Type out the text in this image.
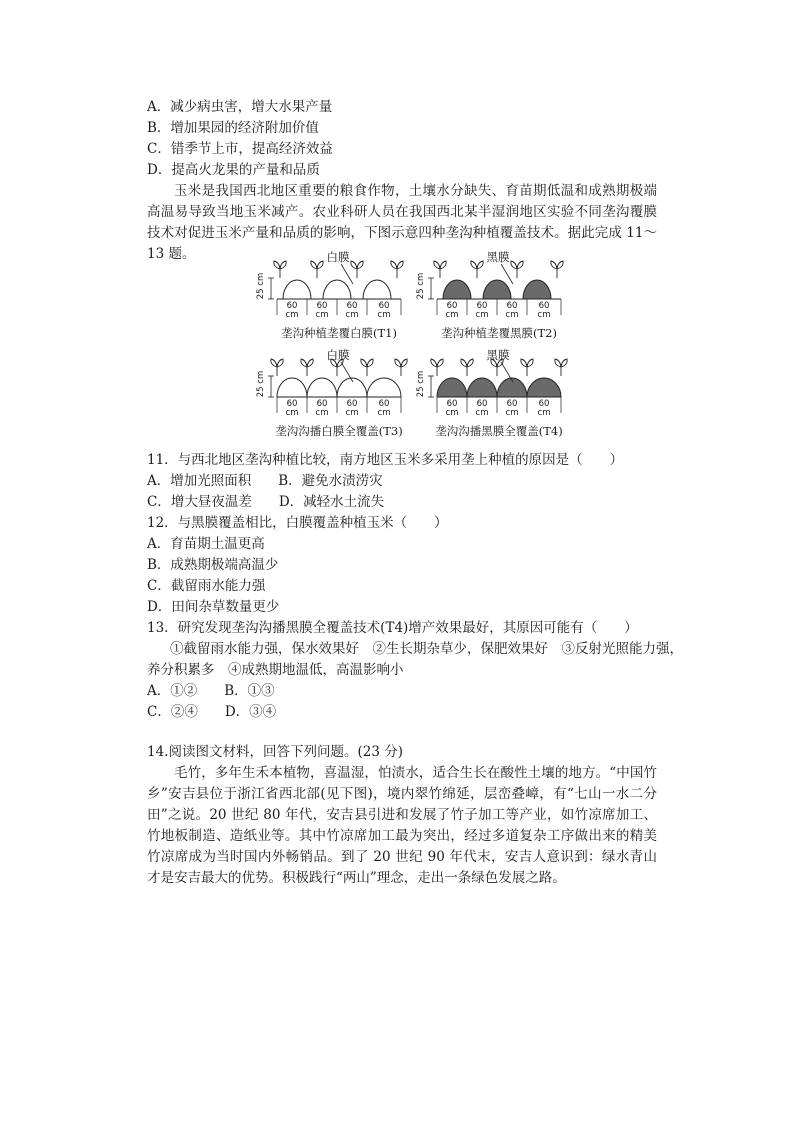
A．减少病虫害，增大水果产量
B．增加果园的经济附加价值
C．错季节上市，提高经济效益
D．提高火龙果的产量和品质
玉米是我国西北地区重要的粮食作物，土壤水分缺失、育苗期低温和成熟期极端高温易导致当地玉米减产。农业科研人员在我国西北某半湿润地区实验不同垄沟覆膜技术对促进玉米产量和品质的影响，下图示意四种垄沟种植覆盖技术。据此完成 11～13 题。
25 cm
白膜
60
cm
60
cm
60
cm
60
cm
垄沟种植垄覆白膜(T1)
25 cm
黑膜
60
cm
60
cm
60
cm
60
cm
垄沟种植垄覆黑膜(T2)
25 cm
白膜
60
cm
60
cm
60
cm
60
cm
垄沟沟播白膜全覆盖(T3)
25 cm
黑膜
60
cm
60
cm
60
cm
60
cm
垄沟沟播黑膜全覆盖(T4)
11．与西北地区垄沟种植比较，南方地区玉米多采用垄上种植的原因是（　　）
A．增加光照面积　　B．避免水渍涝灾
C．增大昼夜温差　　D．减轻水土流失
12．与黑膜覆盖相比，白膜覆盖种植玉米（　　）
A．育苗期土温更高
B．成熟期极端高温少
C．截留雨水能力强
D．田间杂草数量更少
13．研究发现垄沟沟播黑膜全覆盖技术(T4)增产效果最好，其原因可能有（　　）
①截留雨水能力强，保水效果好　②生长期杂草少，保肥效果好　③反射光照能力强，
养分积累多　④成熟期地温低，高温影响小
A．①②　　B．①③
C．②④　　D．③④
14.阅读图文材料，回答下列问题。(23 分)
毛竹，多年生禾本植物，喜温湿，怕渍水，适合生长在酸性土壤的地方。“中国竹乡”安吉县位于浙江省西北部(见下图)，境内翠竹绵延，层峦叠嶂，有“七山一水二分田”之说。20 世纪 80 年代，安吉县引进和发展了竹子加工等产业，如竹凉席加工、竹地板制造、造纸业等。其中竹凉席加工最为突出，经过多道复杂工序做出来的精美竹凉席成为当时国内外畅销品。到了 20 世纪 90 年代末，安吉人意识到：绿水青山才是安吉最大的优势。积极践行“两山”理念，走出一条绿色发展之路。
